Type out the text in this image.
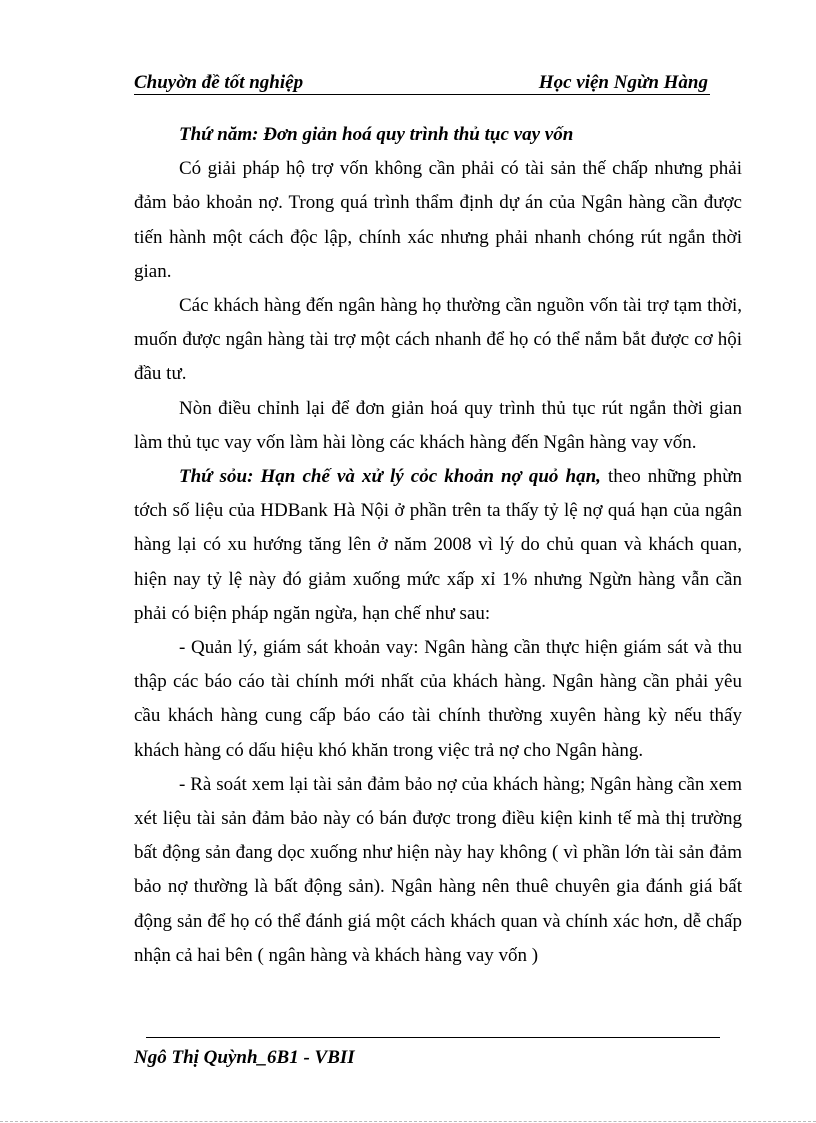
Chuyờn đề tốt nghiệp	Học viện Ngừn Hàng

Thứ năm: Đơn giản hoá quy trình thủ tục vay vốn

Có giải pháp hộ trợ vốn không cần phải có tài sản thế chấp nhưng phải đảm bảo khoản nợ. Trong quá trình thẩm định dự án của Ngân hàng cần được tiến hành một cách độc lập, chính xác nhưng phải nhanh chóng rút ngắn thời gian.

Các khách hàng đến ngân hàng họ thường cần nguồn vốn tài trợ tạm thời, muốn được ngân hàng tài trợ một cách nhanh để họ có thể nắm bắt được cơ hội đầu tư.

Nòn điều chỉnh lại để đơn giản hoá quy trình thủ tục rút ngắn thời gian làm thủ tục vay vốn làm hài lòng các khách hàng đến Ngân hàng vay vốn.

Thứ sỏu: Hạn chế và xử lý cỏc khoản nợ quỏ hạn, theo những phừn tớch số liệu của HDBank Hà Nội ở phần trên ta thấy tỷ lệ nợ quá hạn của ngân hàng lại có xu hướng tăng lên ở năm 2008 vì lý do chủ quan và khách quan, hiện nay tỷ lệ này đó giảm xuống mức xấp xỉ 1% nhưng Ngừn hàng vẫn cần phải có biện pháp ngăn ngừa, hạn chế như sau:

- Quản lý, giám sát khoản vay: Ngân hàng cần thực hiện giám sát và thu thập các báo cáo tài chính mới nhất của khách hàng. Ngân hàng cần phải yêu cầu khách hàng cung cấp báo cáo tài chính thường xuyên hàng kỳ nếu thấy khách hàng có dấu hiệu khó khăn trong việc trả nợ cho Ngân hàng.

- Rà soát xem lại tài sản đảm bảo nợ của khách hàng; Ngân hàng cần xem xét liệu tài sản đảm bảo này có bán được trong điều kiện kinh tế mà thị trường bất động sản đang dọc xuống như hiện này hay không ( vì phần lớn tài sản đảm bảo nợ thường là bất động sản). Ngân hàng nên thuê chuyên gia đánh giá bất động sản để họ có thể đánh giá một cách khách quan và chính xác hơn, dễ chấp nhận cả hai bên ( ngân hàng và khách hàng vay vốn )

Ngô Thị Quỳnh_6B1 - VBII
